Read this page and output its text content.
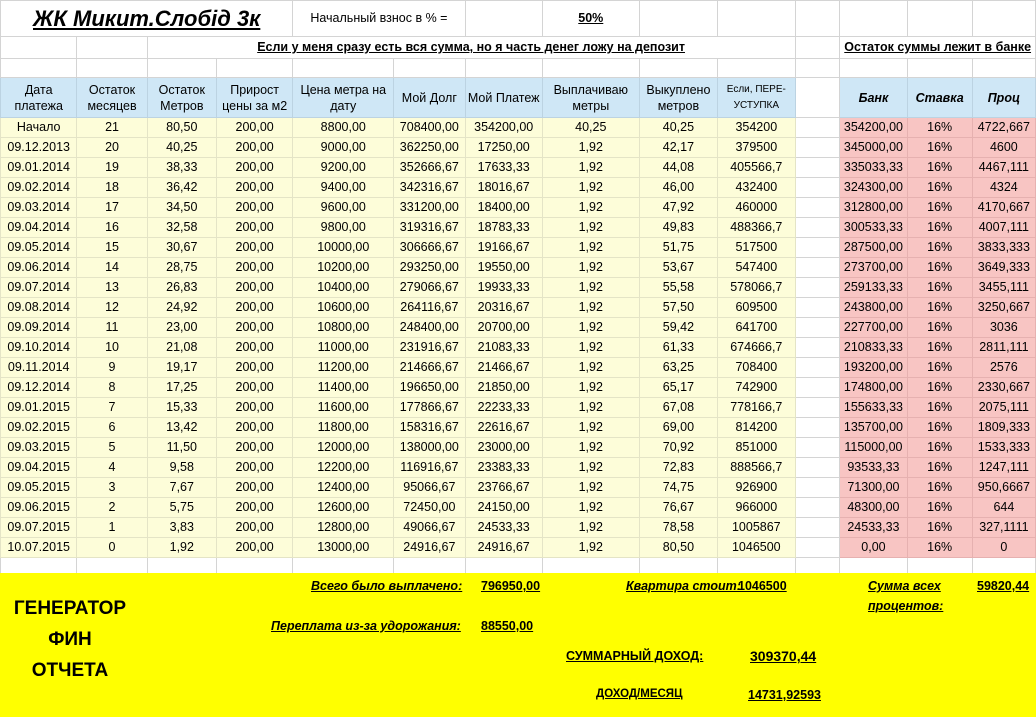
ЖК Микит.Слобід 3к				Начальный взнос в % =			50%						
		Если у меня сразу есть вся сумма, но я часть денег ложу на депозит									Остаток суммы лежит в банке		

Дата платежа	Остаток месяцев	Остаток Метров	Прирост цены за м2	Цена метра на дату	Мой Долг	Мой Платеж	Выплачиваю метры	Выкуплено метров	Если, ПЕРЕ-УСТУПКА		Банк	Ставка	Проц
Начало	21	80,50	200,00	8800,00	708400,00	354200,00	40,25	40,25	354200		354200,00	16%	4722,667
09.12.2013	20	40,25	200,00	9000,00	362250,00	17250,00	1,92	42,17	379500		345000,00	16%	4600
09.01.2014	19	38,33	200,00	9200,00	352666,67	17633,33	1,92	44,08	405566,7		335033,33	16%	4467,111
09.02.2014	18	36,42	200,00	9400,00	342316,67	18016,67	1,92	46,00	432400		324300,00	16%	4324
09.03.2014	17	34,50	200,00	9600,00	331200,00	18400,00	1,92	47,92	460000		312800,00	16%	4170,667
09.04.2014	16	32,58	200,00	9800,00	319316,67	18783,33	1,92	49,83	488366,7		300533,33	16%	4007,111
09.05.2014	15	30,67	200,00	10000,00	306666,67	19166,67	1,92	51,75	517500		287500,00	16%	3833,333
09.06.2014	14	28,75	200,00	10200,00	293250,00	19550,00	1,92	53,67	547400		273700,00	16%	3649,333
09.07.2014	13	26,83	200,00	10400,00	279066,67	19933,33	1,92	55,58	578066,7		259133,33	16%	3455,111
09.08.2014	12	24,92	200,00	10600,00	264116,67	20316,67	1,92	57,50	609500		243800,00	16%	3250,667
09.09.2014	11	23,00	200,00	10800,00	248400,00	20700,00	1,92	59,42	641700		227700,00	16%	3036
09.10.2014	10	21,08	200,00	11000,00	231916,67	21083,33	1,92	61,33	674666,7		210833,33	16%	2811,111
09.11.2014	9	19,17	200,00	11200,00	214666,67	21466,67	1,92	63,25	708400		193200,00	16%	2576
09.12.2014	8	17,25	200,00	11400,00	196650,00	21850,00	1,92	65,17	742900		174800,00	16%	2330,667
09.01.2015	7	15,33	200,00	11600,00	177866,67	22233,33	1,92	67,08	778166,7		155633,33	16%	2075,111
09.02.2015	6	13,42	200,00	11800,00	158316,67	22616,67	1,92	69,00	814200		135700,00	16%	1809,333
09.03.2015	5	11,50	200,00	12000,00	138000,00	23000,00	1,92	70,92	851000		115000,00	16%	1533,333
09.04.2015	4	9,58	200,00	12200,00	116916,67	23383,33	1,92	72,83	888566,7		93533,33	16%	1247,111
09.05.2015	3	7,67	200,00	12400,00	95066,67	23766,67	1,92	74,75	926900		71300,00	16%	950,6667
09.06.2015	2	5,75	200,00	12600,00	72450,00	24150,00	1,92	76,67	966000		48300,00	16%	644
09.07.2015	1	3,83	200,00	12800,00	49066,67	24533,33	1,92	78,58	1005867		24533,33	16%	327,1111
10.07.2015	0	1,92	200,00	13000,00	24916,67	24916,67	1,92	80,50	1046500		0,00	16%	0

ГЕНЕРАТОР
ФИН
ОТЧЕТА
Всего было выплачено: 796950,00
Переплата из-за удорожания: 88550,00
Квартира стоит:
1046500	Сумма всех
процентов:
59820,44
СУММАРНЫЙ ДОХОД:	309370,44
ДОХОД/МЕСЯЦ	14731,92593
